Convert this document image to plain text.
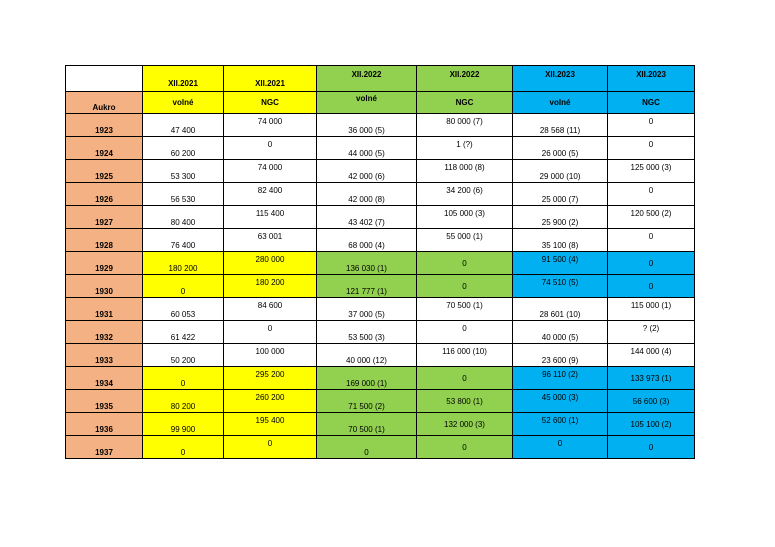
	XII.2021	XII.2021	XII.2022	XII.2022	XII.2023	XII.2023
Aukro	volné	NGC	volné	NGC	volné	NGC
1923	47 400	74 000	36 000 (5)	80 000 (7)	28 568 (11)	0
1924	60 200	0	44 000 (5)	1 (?)	26 000 (5)	0
1925	53 300	74 000	42 000 (6)	118 000 (8)	29 000 (10)	125 000 (3)
1926	56 530	82 400	42 000 (8)	34 200 (6)	25 000 (7)	0
1927	80 400	115 400	43 402 (7)	105 000 (3)	25 900 (2)	120 500 (2)
1928	76 400	63 001	68 000 (4)	55 000 (1)	35 100 (8)	0
1929	180 200	280 000	136 030 (1)	0	91 500 (4)	0
1930	0	180 200	121 777 (1)	0	74 510 (5)	0
1931	60 053	84 600	37 000 (5)	70 500 (1)	28 601 (10)	115 000 (1)
1932	61 422	0	53 500 (3)	0	40 000 (5)	? (2)
1933	50 200	100 000	40 000 (12)	116 000 (10)	23 600 (9)	144 000 (4)
1934	0	295 200	169 000 (1)	0	96 110 (2)	133 973 (1)
1935	80 200	260 200	71 500 (2)	53 800 (1)	45 000 (3)	56 600 (3)
1936	99 900	195 400	70 500 (1)	132 000 (3)	52 600 (1)	105 100 (2)
1937	0	0	0	0	0	0
